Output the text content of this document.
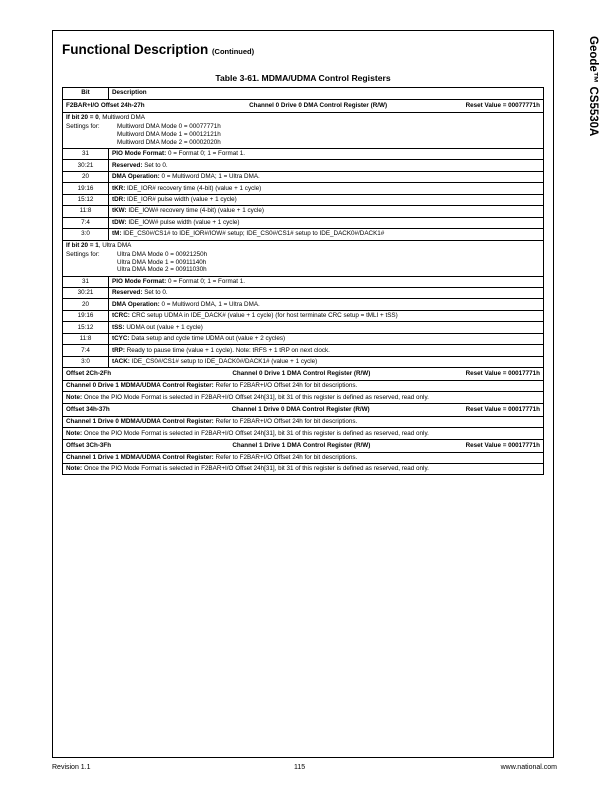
Geode™ CS5530A
Functional Description (Continued)
Table 3-61. MDMA/UDMA Control Registers
Bit	Description

F2BAR+I/O Offset 24h-27h Channel 0 Drive 0 DMA Control Register (R/W) Reset Value = 00077771h	

If bit 20 = 0, Multiword DMA
Settings for: Multiword DMA Mode 0 = 00077771h
Multiword DMA Mode 1 = 00012121h
Multiword DMA Mode 2 = 00002020h	

31	PIO Mode Format: 0 = Format 0; 1 = Format 1.
30:21	Reserved: Set to 0.
20	DMA Operation: 0 = Multiword DMA; 1 = Ultra DMA.
19:16	tKR: IDE_IOR# recovery time (4-bit) (value + 1 cycle)
15:12	tDR: IDE_IOR# pulse width (value + 1 cycle)
11:8	tKW: IDE_IOW# recovery time (4-bit) (value + 1 cycle)
7:4	tDW: IDE_IOW# pulse width (value + 1 cycle)
3:0	tM: IDE_CS0#/CS1# to IDE_IOR#/IOW# setup; IDE_CS0#/CS1# setup to IDE_DACK0#/DACK1#

If bit 20 = 1, Ultra DMA
Settings for: Ultra DMA Mode 0 = 00921250h
Ultra DMA Mode 1 = 00911140h
Ultra DMA Mode 2 = 00911030h	

31	PIO Mode Format: 0 = Format 0; 1 = Format 1.
30:21	Reserved: Set to 0.
20	DMA Operation: 0 = Multiword DMA, 1 = Ultra DMA.
19:16	tCRC: CRC setup UDMA in IDE_DACK# (value + 1 cycle) (for host terminate CRC setup = tMLI + tSS)
15:12	tSS: UDMA out (value + 1 cycle)
11:8	tCYC: Data setup and cycle time UDMA out (value + 2 cycles)
7:4	tRP: Ready to pause time (value + 1 cycle). Note: tRFS + 1 tRP on next clock.
3:0	tACK: IDE_CS0#/CS1# setup to IDE_DACK0#/DACK1# (value + 1 cycle)

Offset 2Ch-2Fh Channel 0 Drive 1 DMA Control Register (R/W) Reset Value = 00017771h	

Channel 0 Drive 1 MDMA/UDMA Control Register: Refer to F2BAR+I/O Offset 24h for bit descriptions.	
Note: Once the PIO Mode Format is selected in F2BAR+I/O Offset 24h[31], bit 31 of this register is defined as reserved, read only.	

Offset 34h-37h Channel 1 Drive 0 DMA Control Register (R/W) Reset Value = 00017771h	

Channel 1 Drive 0 MDMA/UDMA Control Register: Refer to F2BAR+I/O Offset 24h for bit descriptions.	
Note: Once the PIO Mode Format is selected in F2BAR+I/O Offset 24h[31], bit 31 of this register is defined as reserved, read only.	

Offset 3Ch-3Fh Channel 1 Drive 1 DMA Control Register (R/W) Reset Value = 00017771h	

Channel 1 Drive 1 MDMA/UDMA Control Register: Refer to F2BAR+I/O Offset 24h for bit descriptions.	
Note: Once the PIO Mode Format is selected in F2BAR+I/O Offset 24h[31], bit 31 of this register is defined as reserved, read only.	
Revision 1.1	115	www.national.com
